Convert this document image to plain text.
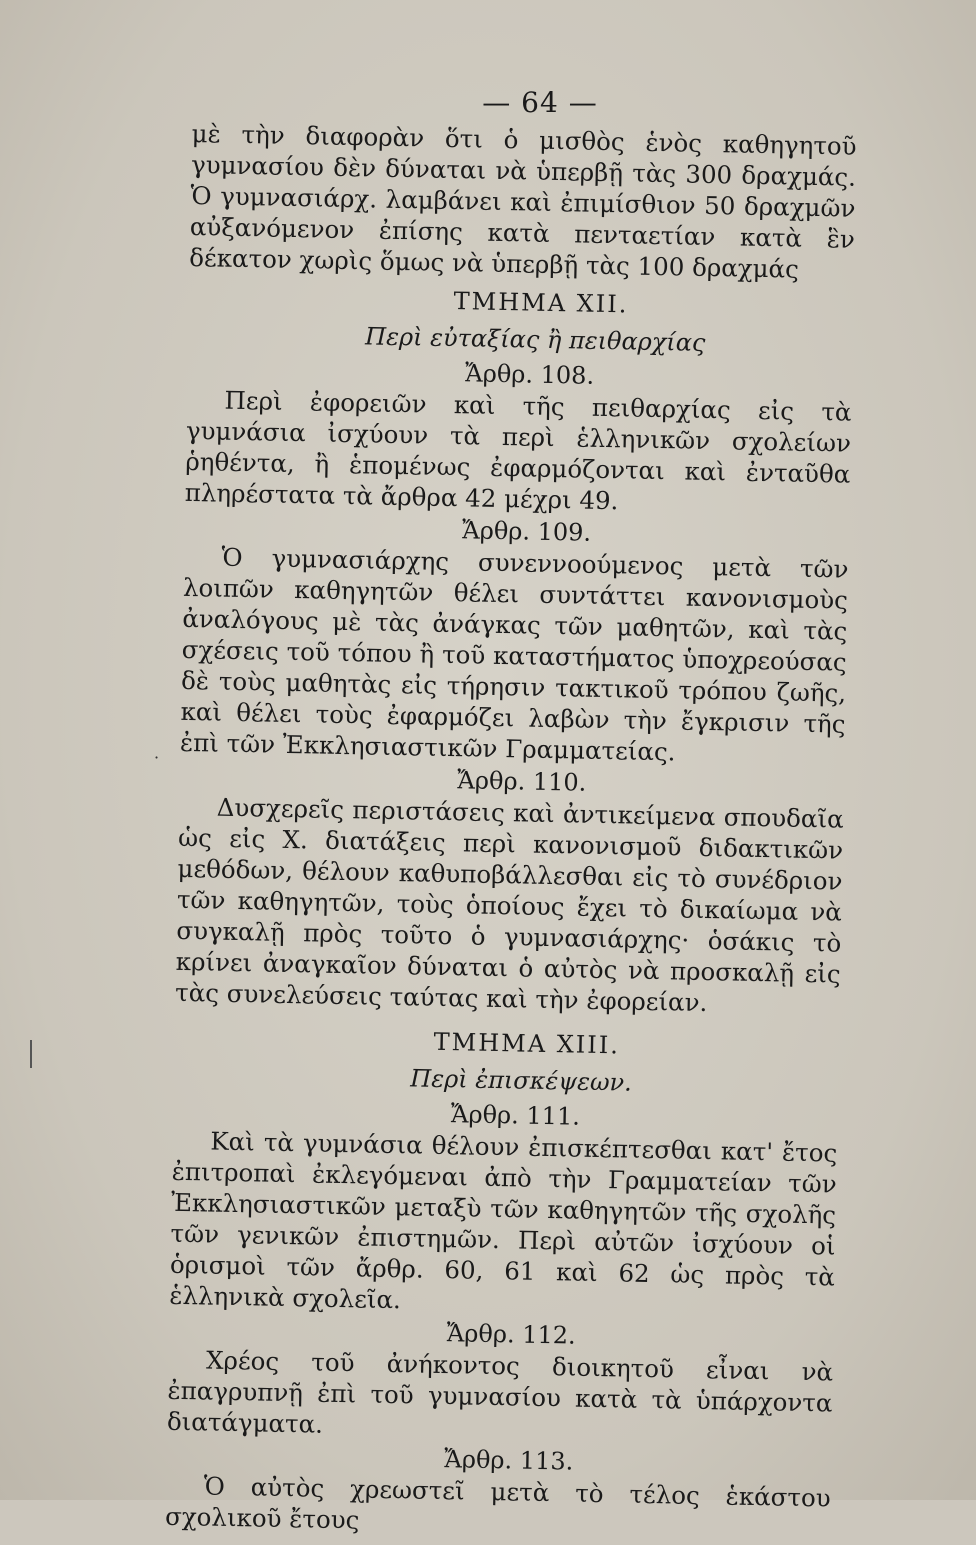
— 64 —

μὲ τὴν διαφορὰν ὅτι ὁ μισθὸς ἑνὸς καθηγητοῦ γυμνασίου δὲν δύναται νὰ ὑπερβῇ τὰς 300 δραχμάς. Ὁ γυμνασιάρχ. λαμβάνει καὶ ἐπιμίσθιον 50 δραχμῶν αὐξανόμενον ἐπίσης κατὰ πενταετίαν κατὰ ἓν δέκατον χωρὶς ὅμως νὰ ὑπερβῇ τὰς 100 δραχμάς

ΤΜΗΜΑ XII.
Περὶ εὐταξίας ἢ πειθαρχίας
Ἄρθρ. 108.

Περὶ ἐφορειῶν καὶ τῆς πειθαρχίας εἰς τὰ γυμνάσια ἰσχύουν τὰ περὶ ἑλληνικῶν σχολείων ῥηθέντα, ἢ ἑπομένως ἐφαρμόζονται καὶ ἐνταῦθα πληρέστατα τὰ ἄρθρα 42 μέχρι 49.

Ἄρθρ. 109.

Ὁ γυμνασιάρχης συνεννοούμενος μετὰ τῶν λοιπῶν καθηγητῶν θέλει συντάττει κανονισμοὺς ἀναλόγους μὲ τὰς ἀνάγκας τῶν μαθητῶν, καὶ τὰς σχέσεις τοῦ τόπου ἢ τοῦ καταστήματος ὑποχρεούσας δὲ τοὺς μαθητὰς εἰς τήρησιν τακτικοῦ τρόπου ζωῆς, καὶ θέλει τοὺς ἐφαρμόζει λαβὼν τὴν ἔγκρισιν τῆς ἐπὶ τῶν Ἐκκλησιαστικῶν Γραμματείας.

Ἄρθρ. 110.

Δυσχερεῖς περιστάσεις καὶ ἀντικείμενα σπουδαῖα ὡς εἰς Χ. διατάξεις περὶ κανονισμοῦ διδακτικῶν μεθόδων, θέλουν καθυποβάλλεσθαι εἰς τὸ συνέδριον τῶν καθηγητῶν, τοὺς ὁποίους ἔχει τὸ δικαίωμα νὰ συγκαλῇ πρὸς τοῦτο ὁ γυμνασιάρχης· ὁσάκις τὸ κρίνει ἀναγκαῖον δύναται ὁ αὐτὸς νὰ προσκαλῇ εἰς τὰς συνελεύσεις ταύτας καὶ τὴν ἐφορείαν.

ΤΜΗΜΑ XIII.
Περὶ ἐπισκέψεων.
Ἄρθρ. 111.

Καὶ τὰ γυμνάσια θέλουν ἐπισκέπτεσθαι κατ' ἔτος ἐπιτροπαὶ ἐκλεγόμεναι ἀπὸ τὴν Γραμματείαν τῶν Ἐκκλησιαστικῶν μεταξὺ τῶν καθηγητῶν τῆς σχολῆς τῶν γενικῶν ἐπιστημῶν. Περὶ αὐτῶν ἰσχύουν οἱ ὁρισμοὶ τῶν ἄρθρ. 60, 61 καὶ 62 ὡς πρὸς τὰ ἑλληνικὰ σχολεῖα.

Ἄρθρ. 112.

Χρέος τοῦ ἀνήκοντος διοικητοῦ εἶναι νὰ ἐπαγρυπνῇ ἐπὶ τοῦ γυμνασίου κατὰ τὰ ὑπάρχοντα διατάγματα.

Ἄρθρ. 113.

Ὁ αὐτὸς χρεωστεῖ μετὰ τὸ τέλος ἑκάστου σχολικοῦ ἔτους

·
